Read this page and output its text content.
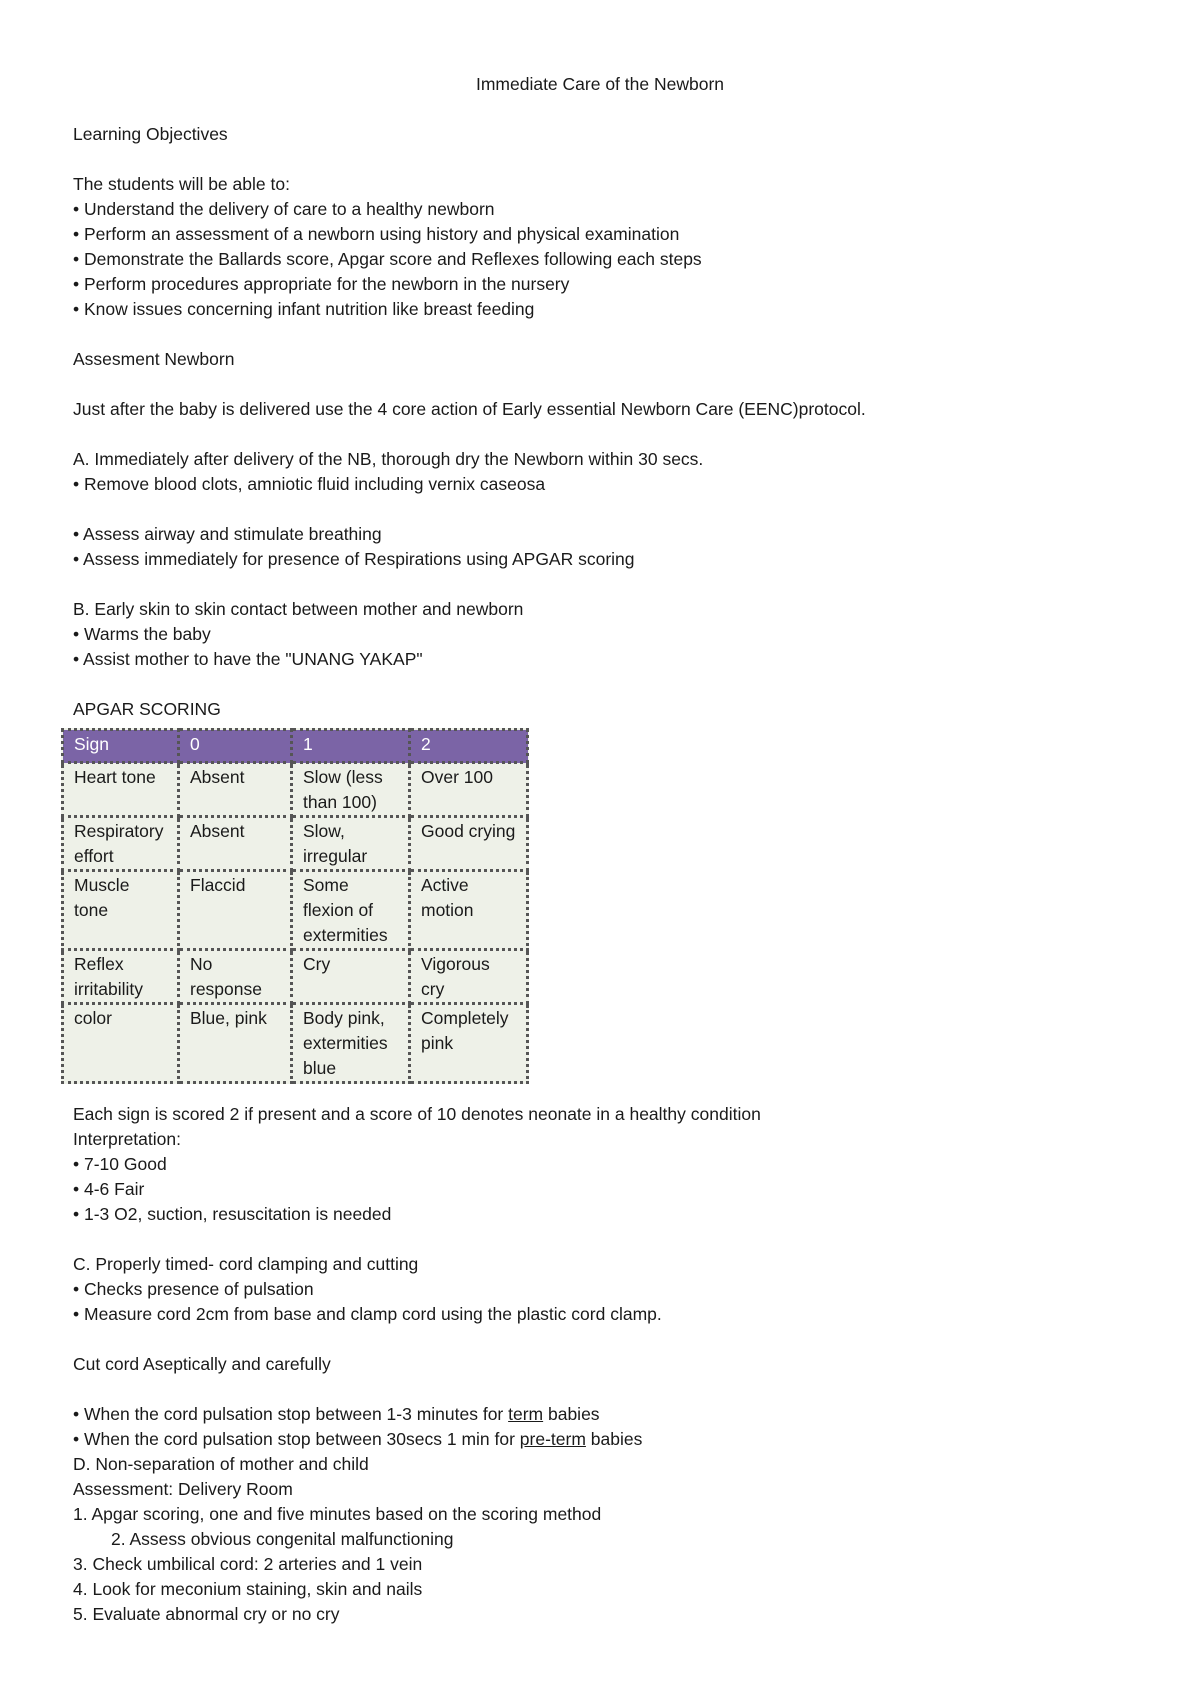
Immediate Care of the Newborn
Learning Objectives
The students will be able to:
• Understand the delivery of care to a healthy newborn
• Perform an assessment of a newborn using history and physical examination
• Demonstrate the Ballards score, Apgar score and Reflexes following each steps
• Perform procedures appropriate for the newborn in the nursery
• Know issues concerning infant nutrition like breast feeding
Assesment Newborn
Just after the baby is delivered use the 4 core action of Early essential Newborn Care (EENC)protocol.
A. Immediately after delivery of the NB, thorough dry the Newborn within 30 secs.
• Remove blood clots, amniotic fluid including vernix caseosa
• Assess airway and stimulate breathing
• Assess immediately for presence of Respirations using APGAR scoring
B. Early skin to skin contact between mother and newborn
• Warms the baby
• Assist mother to have the "UNANG YAKAP"
APGAR SCORING
Sign	0	1	2
Heart tone	Absent	Slow (less than 100)	Over 100
Respiratory effort	Absent	Slow, irregular	Good crying
Muscle tone	Flaccid	Some flexion of extermities	Active motion
Reflex irritability	No response	Cry	Vigorous cry
color	Blue, pink	Body pink, extermities blue	Completely pink
Each sign is scored 2 if present and a score of 10 denotes neonate in a healthy condition
Interpretation:
• 7-10 Good
• 4-6 Fair
• 1-3 O2, suction, resuscitation is needed
C. Properly timed- cord clamping and cutting
• Checks presence of pulsation
• Measure cord 2cm from base and clamp cord using the plastic cord clamp.
Cut cord Aseptically and carefully
• When the cord pulsation stop between 1-3 minutes for term babies
• When the cord pulsation stop between 30secs 1 min for pre-term babies
D. Non-separation of mother and child
Assessment: Delivery Room
1. Apgar scoring, one and five minutes based on the scoring method
2. Assess obvious congenital malfunctioning
3. Check umbilical cord: 2 arteries and 1 vein
4. Look for meconium staining, skin and nails
5. Evaluate abnormal cry or no cry
